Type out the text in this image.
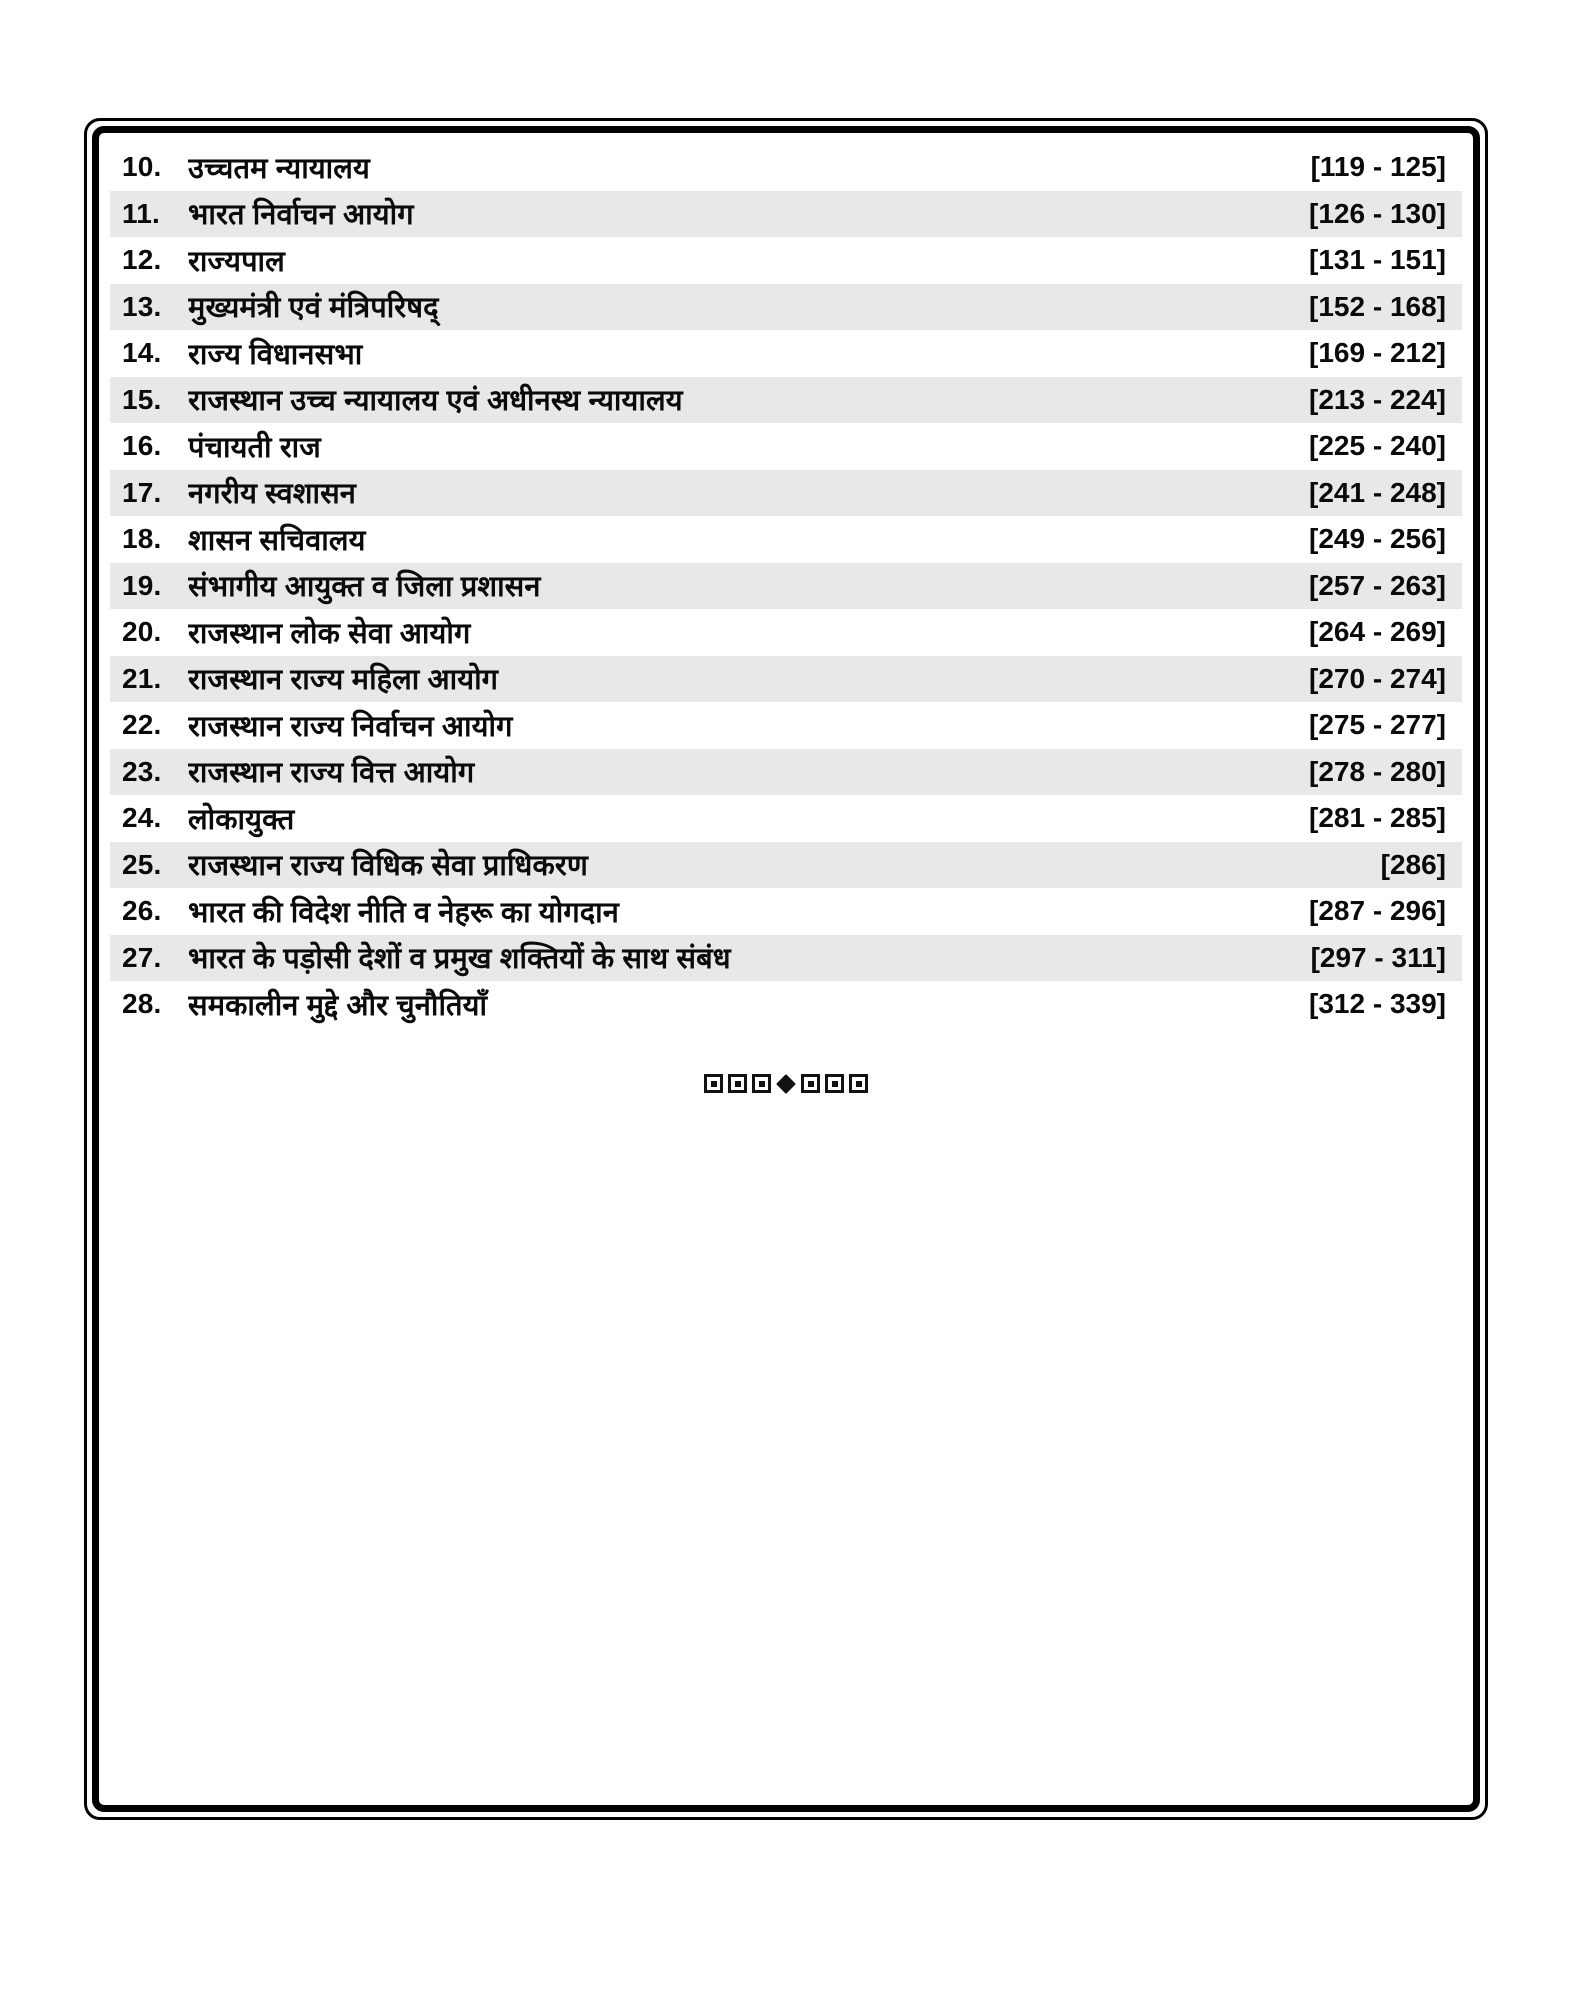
10. उच्चतम न्यायालय	[119 - 125]
11. भारत निर्वाचन आयोग	[126 - 130]
12. राज्यपाल	[131 - 151]
13. मुख्यमंत्री एवं मंत्रिपरिषद्	[152 - 168]
14. राज्य विधानसभा	[169 - 212]
15. राजस्थान उच्च न्यायालय एवं अधीनस्थ न्यायालय	[213 - 224]
16. पंचायती राज	[225 - 240]
17. नगरीय स्वशासन	[241 - 248]
18. शासन सचिवालय	[249 - 256]
19. संभागीय आयुक्त व जिला प्रशासन	[257 - 263]
20. राजस्थान लोक सेवा आयोग	[264 - 269]
21. राजस्थान राज्य महिला आयोग	[270 - 274]
22. राजस्थान राज्य निर्वाचन आयोग	[275 - 277]
23. राजस्थान राज्य वित्त आयोग	[278 - 280]
24. लोकायुक्त	[281 - 285]
25. राजस्थान राज्य विधिक सेवा प्राधिकरण	[286]
26. भारत की विदेश नीति व नेहरू का योगदान	[287 - 296]
27. भारत के पड़ोसी देशों व प्रमुख शक्तियों के साथ संबंध	[297 - 311]
28. समकालीन मुद्दे और चुनौतियाँ	[312 - 339]
